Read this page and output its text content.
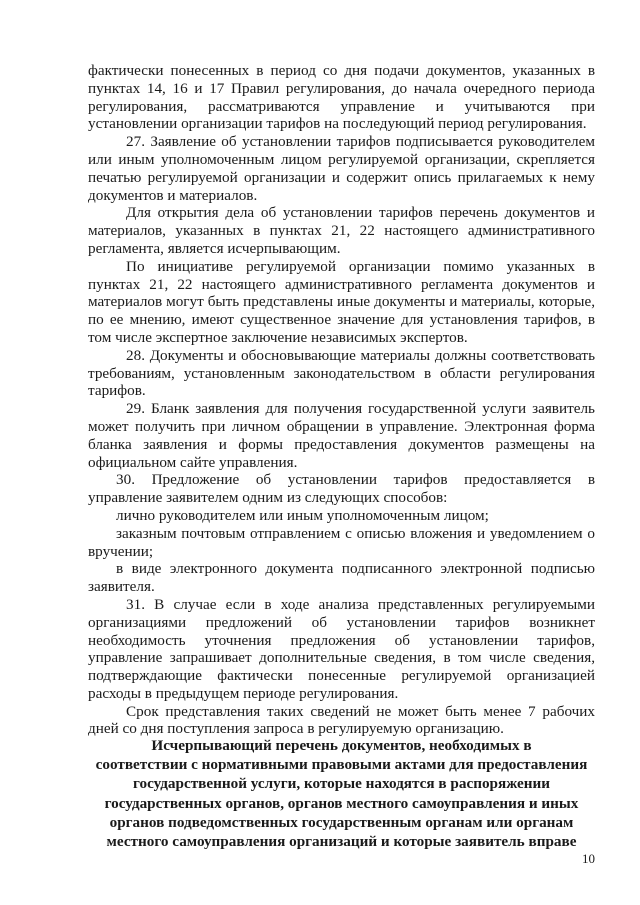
фактически понесенных в период со дня подачи документов, указанных в пунктах 14, 16 и 17 Правил регулирования, до начала очередного периода регулирования, рассматриваются управление и учитываются при установлении организации тарифов на последующий период регулирования.

27. Заявление об установлении тарифов подписывается руководителем или иным уполномоченным лицом регулируемой организации, скрепляется печатью регулируемой организации и содержит опись прилагаемых к нему документов и материалов.

Для открытия дела об установлении тарифов перечень документов и материалов, указанных в пунктах 21, 22 настоящего административного регламента, является исчерпывающим.

По инициативе регулируемой организации помимо указанных в пунктах 21, 22 настоящего административного регламента документов и материалов могут быть представлены иные документы и материалы, которые, по ее мнению, имеют существенное значение для установления тарифов, в том числе экспертное заключение независимых экспертов.

28. Документы и обосновывающие материалы должны соответствовать требованиям, установленным законодательством в области регулирования тарифов.

29. Бланк заявления для получения государственной услуги заявитель может получить при личном обращении в управление. Электронная форма бланка заявления и формы предоставления документов размещены на официальном сайте управления.

30. Предложение об установлении тарифов предоставляется в управление заявителем одним из следующих способов:

лично руководителем или иным уполномоченным лицом;

заказным почтовым отправлением с описью вложения и уведомлением о вручении;

в виде электронного документа подписанного электронной подписью заявителя.

31. В случае если в ходе анализа представленных регулируемыми организациями предложений об установлении тарифов возникнет необходимость уточнения предложения об установлении тарифов, управление запрашивает дополнительные сведения, в том числе сведения, подтверждающие фактически понесенные регулируемой организацией расходы в предыдущем периоде регулирования.

Срок представления таких сведений не может быть менее 7 рабочих дней со дня поступления запроса в регулируемую организацию.

Исчерпывающий перечень документов, необходимых в

соответствии с нормативными правовыми актами для предоставления

государственной услуги, которые находятся в распоряжении

государственных органов, органов местного самоуправления и иных

органов подведомственных государственным органам или органам

местного самоуправления организаций и которые заявитель вправе

10
